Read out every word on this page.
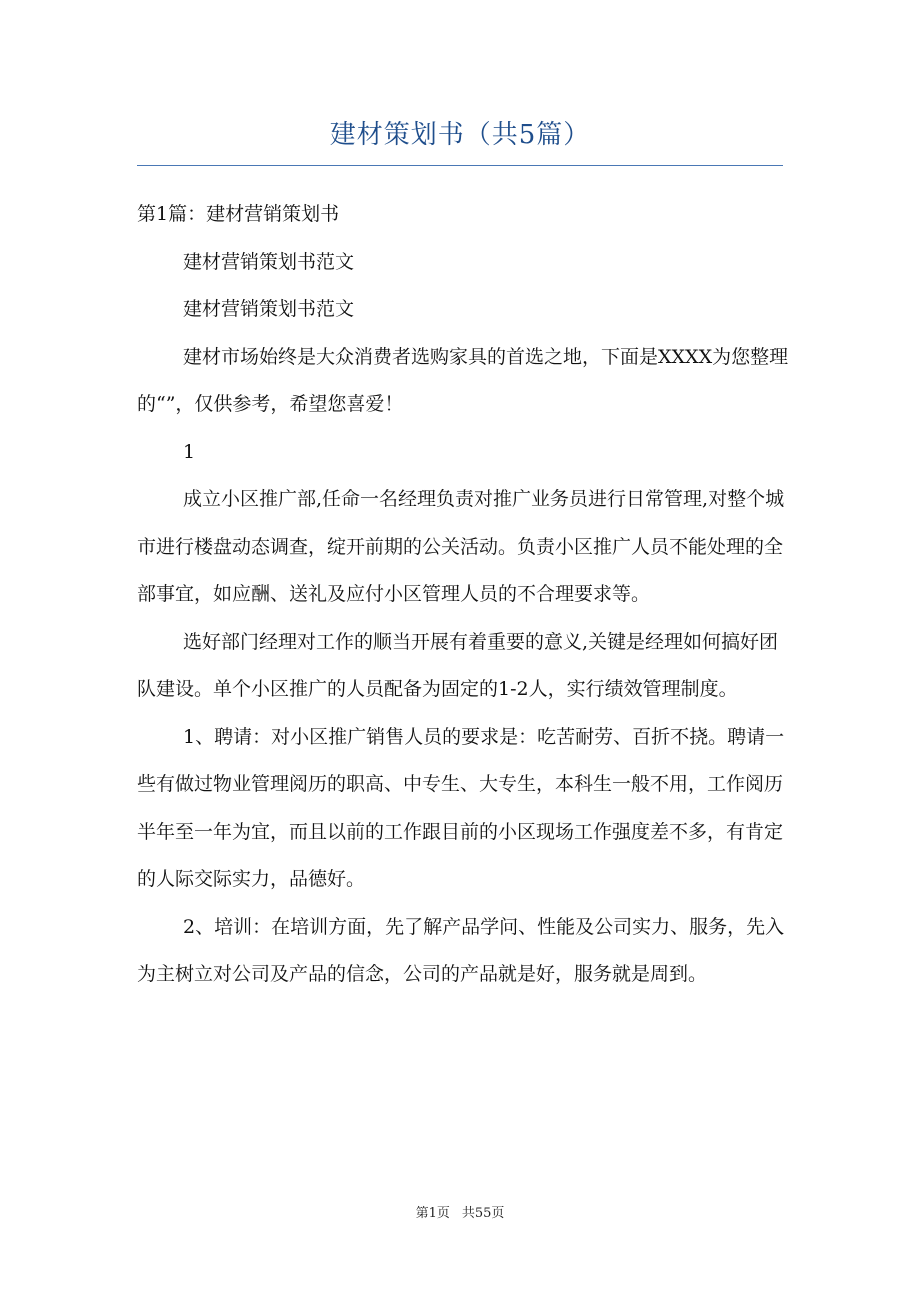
建材策划书（共5篇）

第1篇：建材营销策划书

建材营销策划书范文

建材营销策划书范文

建材市场始终是大众消费者选购家具的首选之地，下面是XXXX为您整理的“”，仅供参考，希望您喜爱！

1

成立小区推广部,任命一名经理负责对推广业务员进行日常管理,对整个城市进行楼盘动态调查，绽开前期的公关活动。负责小区推广人员不能处理的全部事宜，如应酬、送礼及应付小区管理人员的不合理要求等。

选好部门经理对工作的顺当开展有着重要的意义,关键是经理如何搞好团队建设。单个小区推广的人员配备为固定的1-2人，实行绩效管理制度。

1、聘请：对小区推广销售人员的要求是：吃苦耐劳、百折不挠。聘请一些有做过物业管理阅历的职高、中专生、大专生，本科生一般不用，工作阅历半年至一年为宜，而且以前的工作跟目前的小区现场工作强度差不多，有肯定的人际交际实力，品德好。

2、培训：在培训方面，先了解产品学问、性能及公司实力、服务，先入为主树立对公司及产品的信念，公司的产品就是好，服务就是周到。

第1页 共55页
